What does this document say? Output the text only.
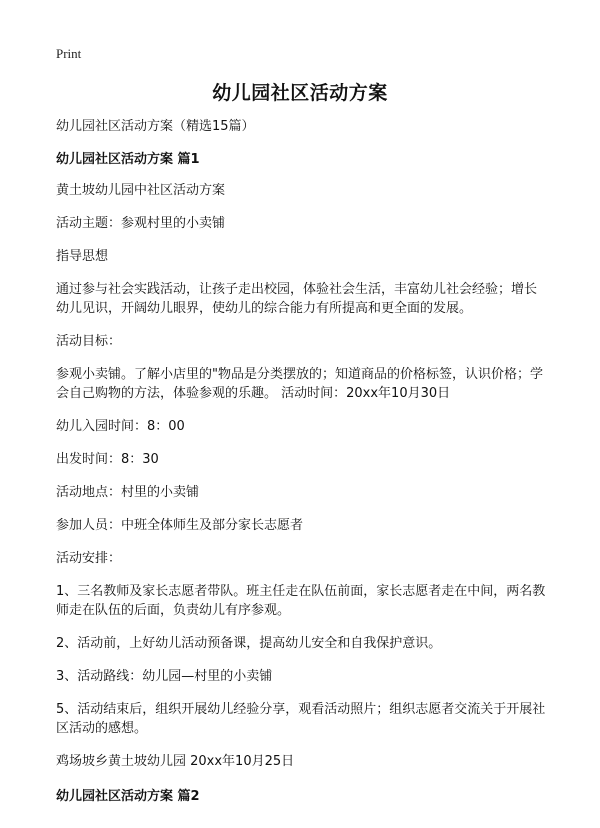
Print
幼儿园社区活动方案

幼儿园社区活动方案（精选15篇）

幼儿园社区活动方案 篇1

黄土坡幼儿园中社区活动方案

活动主题：参观村里的小卖铺

指导思想

通过参与社会实践活动，让孩子走出校园，体验社会生活，丰富幼儿社会经验；增长幼儿见识，开阔幼儿眼界，使幼儿的综合能力有所提高和更全面的发展。

活动目标：

参观小卖铺。了解小店里的"物品是分类摆放的；知道商品的价格标签，认识价格；学会自己购物的方法，体验参观的乐趣。 活动时间：20xx年10月30日

幼儿入园时间：8：00

出发时间：8：30

活动地点：村里的小卖铺

参加人员：中班全体师生及部分家长志愿者

活动安排：

1、三名教师及家长志愿者带队。班主任走在队伍前面，家长志愿者走在中间，两名教师走在队伍的后面，负责幼儿有序参观。

2、活动前，上好幼儿活动预备课，提高幼儿安全和自我保护意识。

3、活动路线：幼儿园—村里的小卖铺

5、活动结束后，组织开展幼儿经验分享，观看活动照片；组织志愿者交流关于开展社区活动的感想。

鸡场坡乡黄土坡幼儿园 20xx年10月25日

幼儿园社区活动方案 篇2
